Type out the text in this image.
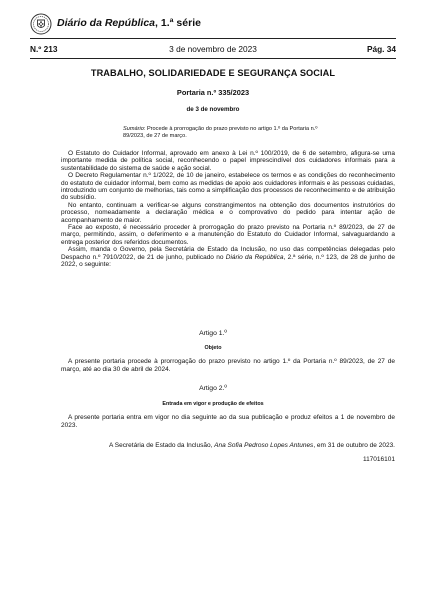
Diário da República, 1.ª série
N.º 213	3 de novembro de 2023	Pág. 34
TRABALHO, SOLIDARIEDADE E SEGURANÇA SOCIAL
Portaria n.º 335/2023
de 3 de novembro
Sumário: Procede à prorrogação do prazo previsto no artigo 1.º da Portaria n.º 89/2023, de 27 de março.

O Estatuto do Cuidador Informal, aprovado em anexo à Lei n.º 100/2019, de 6 de setembro, afigura-se uma importante medida de política social, reconhecendo o papel imprescindível dos cuidadores informais para a sustentabilidade do sistema de saúde e ação social.

O Decreto Regulamentar n.º 1/2022, de 10 de janeiro, estabelece os termos e as condições do reconhecimento do estatuto de cuidador informal, bem como as medidas de apoio aos cuidadores informais e às pessoas cuidadas, introduzindo um conjunto de melhorias, tais como a simplificação dos processos de reconhecimento e de atribuição do subsídio.

No entanto, continuam a verificar-se alguns constrangimentos na obtenção dos documentos instrutórios do processo, nomeadamente a declaração médica e o comprovativo do pedido para intentar ação de acompanhamento de maior.

Face ao exposto, é necessário proceder à prorrogação do prazo previsto na Portaria n.º 89/2023, de 27 de março, permitindo, assim, o deferimento e a manutenção do Estatuto do Cuidador Informal, salvaguardando a entrega posterior dos referidos documentos.

Assim, manda o Governo, pela Secretária de Estado da Inclusão, no uso das competências delegadas pelo Despacho n.º 7910/2022, de 21 de junho, publicado no Diário da República, 2.ª série, n.º 123, de 28 de junho de 2022, o seguinte:

Artigo 1.º
Objeto
A presente portaria procede à prorrogação do prazo previsto no artigo 1.º da Portaria n.º 89/2023, de 27 de março, até ao dia 30 de abril de 2024.
Artigo 2.º
Entrada em vigor e produção de efeitos
A presente portaria entra em vigor no dia seguinte ao da sua publicação e produz efeitos a 1 de novembro de 2023.
A Secretária de Estado da Inclusão, Ana Sofia Pedroso Lopes Antunes, em 31 de outubro de 2023.
117016101
